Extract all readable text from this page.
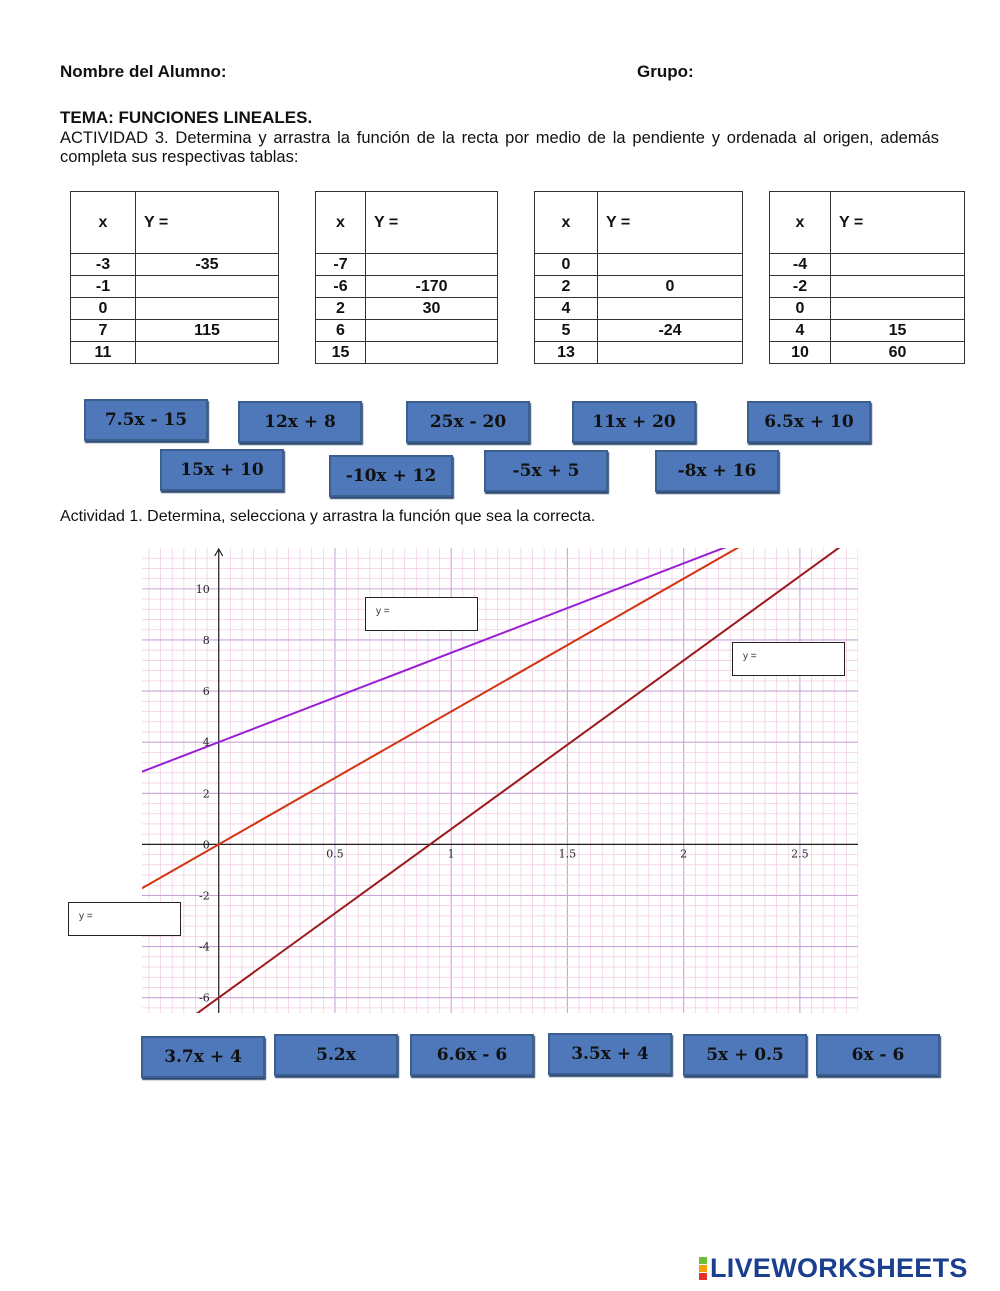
Nombre del Alumno:	Grupo:
TEMA: FUNCIONES LINEALES.
ACTIVIDAD 3. Determina y arrastra la función de la recta por medio de la pendiente y ordenada al origen, además completa sus respectivas tablas:
x	Y =
-3	-35
-1	
0	
7	115
11	
x	Y =
-7	
-6	-170
2	30
6	
15	
x	Y =
0	
2	0
4	
5	-24
13	
x	Y =
-4	
-2	
0	
4	15
10	60
7.5x - 15	12x + 8	25x - 20	11x + 20	6.5x + 10
15x + 10	-10x + 12	-5x + 5	-8x + 16
Actividad 1. Determina, selecciona y arrastra la función que sea la correcta.
0.5	1	1.5	2	2.5
10
8
6
4
2
0
-2
-4
-6
y =
y =
y =
3.7x + 4	5.2x	6.6x - 6	3.5x + 4	5x + 0.5	6x - 6
LIVEWORKSHEETS
